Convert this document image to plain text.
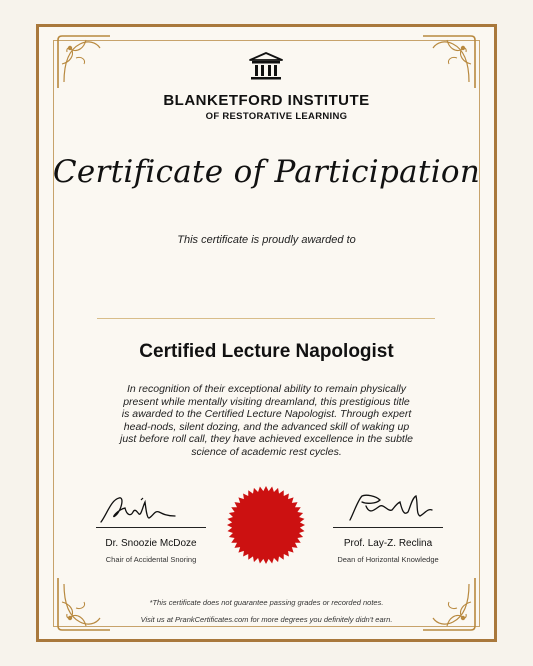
BLANKETFORD INSTITUTE
OF RESTORATIVE LEARNING
Certificate of Participation
This certificate is proudly awarded to
Certified Lecture Napologist
In recognition of their exceptional ability to remain physically present while mentally visiting dreamland, this prestigious title is awarded to the Certified Lecture Napologist. Through expert head-nods, silent dozing, and the advanced skill of waking up just before roll call, they have achieved excellence in the subtle science of academic rest cycles.
Dr. Snoozie McDoze
Chair of Accidental Snoring
Prof. Lay-Z. Reclina
Dean of Horizontal Knowledge
*This certificate does not guarantee passing grades or recorded notes.
Visit us at PrankCertificates.com for more degrees you definitely didn't earn.
